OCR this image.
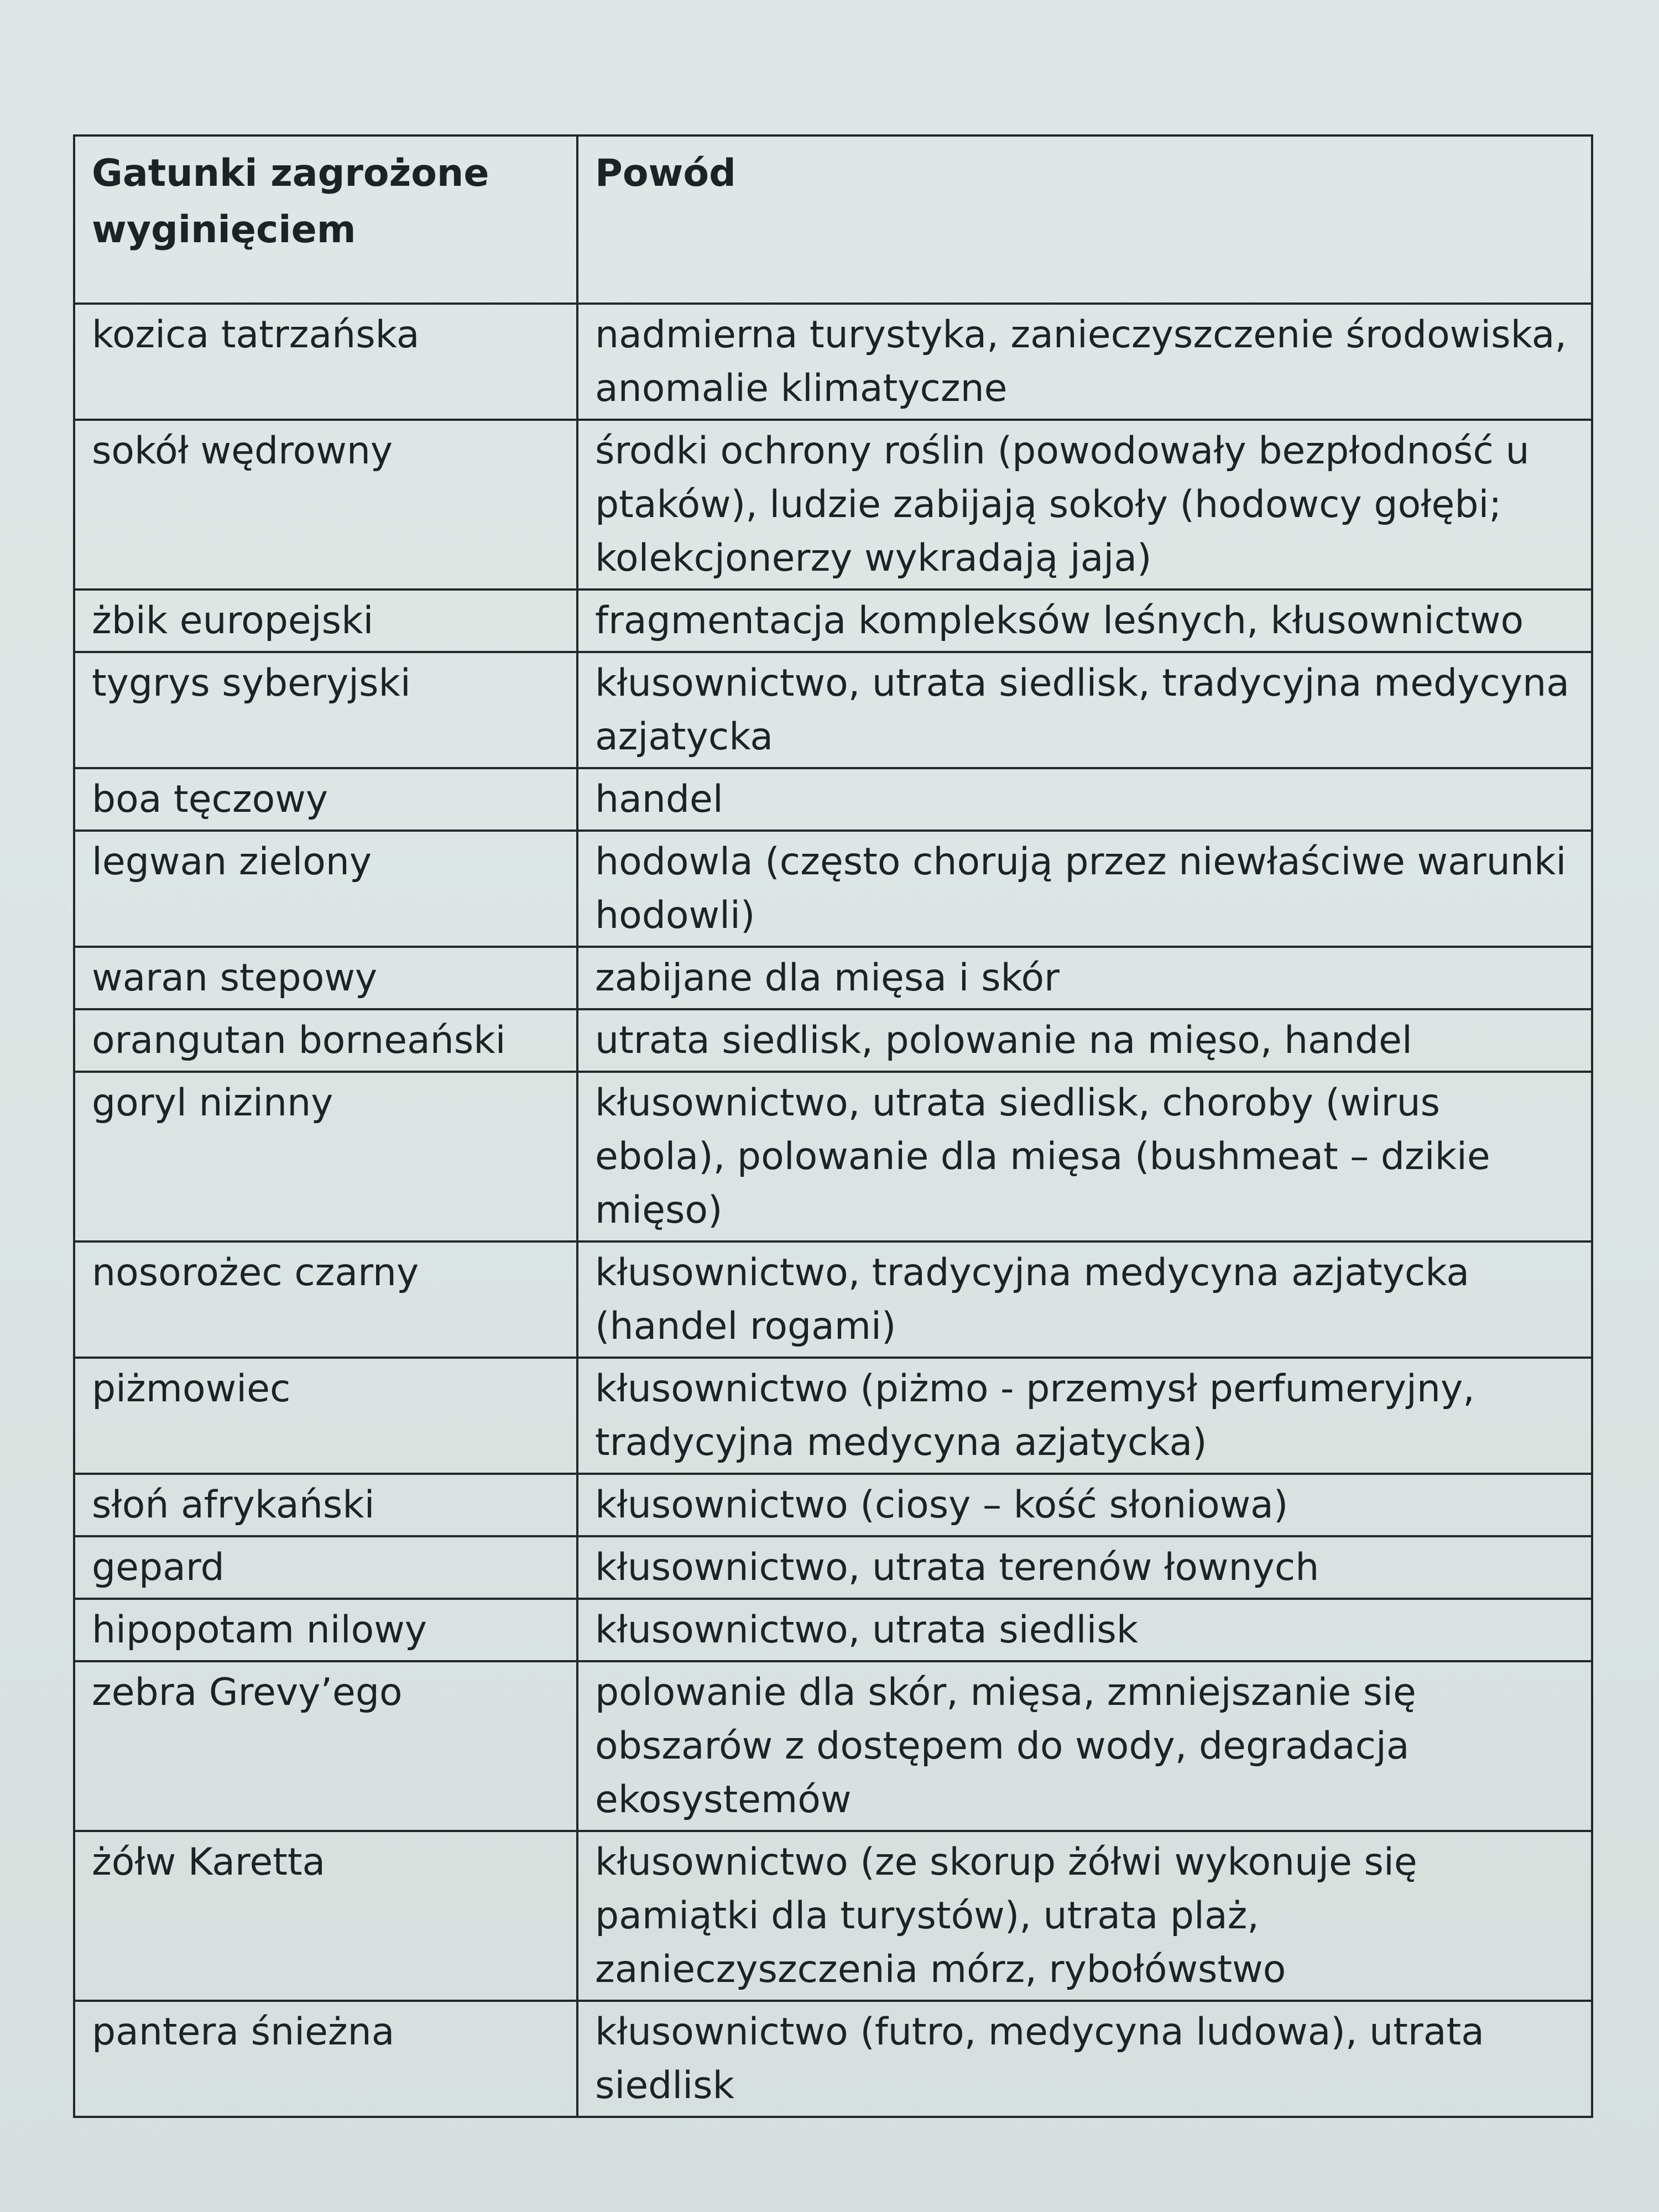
Gatunki zagrożone wyginięciem	Powód
kozica tatrzańska	nadmierna turystyka, zanieczyszczenie środowiska, anomalie klimatyczne
sokół wędrowny	środki ochrony roślin (powodowały bezpłodność u ptaków), ludzie zabijają sokoły (hodowcy gołębi; kolekcjonerzy wykradają jaja)
żbik europejski	fragmentacja kompleksów leśnych, kłusownictwo
tygrys syberyjski	kłusownictwo, utrata siedlisk, tradycyjna medycyna azjatycka
boa tęczowy	handel
legwan zielony	hodowla (często chorują przez niewłaściwe warunki hodowli)
waran stepowy	zabijane dla mięsa i skór
orangutan borneański	utrata siedlisk, polowanie na mięso, handel
goryl nizinny	kłusownictwo, utrata siedlisk, choroby (wirus ebola), polowanie dla mięsa (bushmeat – dzikie mięso)
nosorożec czarny	kłusownictwo, tradycyjna medycyna azjatycka (handel rogami)
piżmowiec	kłusownictwo (piżmo - przemysł perfumeryjny, tradycyjna medycyna azjatycka)
słoń afrykański	kłusownictwo (ciosy – kość słoniowa)
gepard	kłusownictwo, utrata terenów łownych
hipopotam nilowy	kłusownictwo, utrata siedlisk
zebra Grevy’ego	polowanie dla skór, mięsa, zmniejszanie się obszarów z dostępem do wody, degradacja ekosystemów
żółw Karetta	kłusownictwo (ze skorup żółwi wykonuje się pamiątki dla turystów), utrata plaż, zanieczyszczenia mórz, rybołówstwo
pantera śnieżna	kłusownictwo (futro, medycyna ludowa), utrata siedlisk
